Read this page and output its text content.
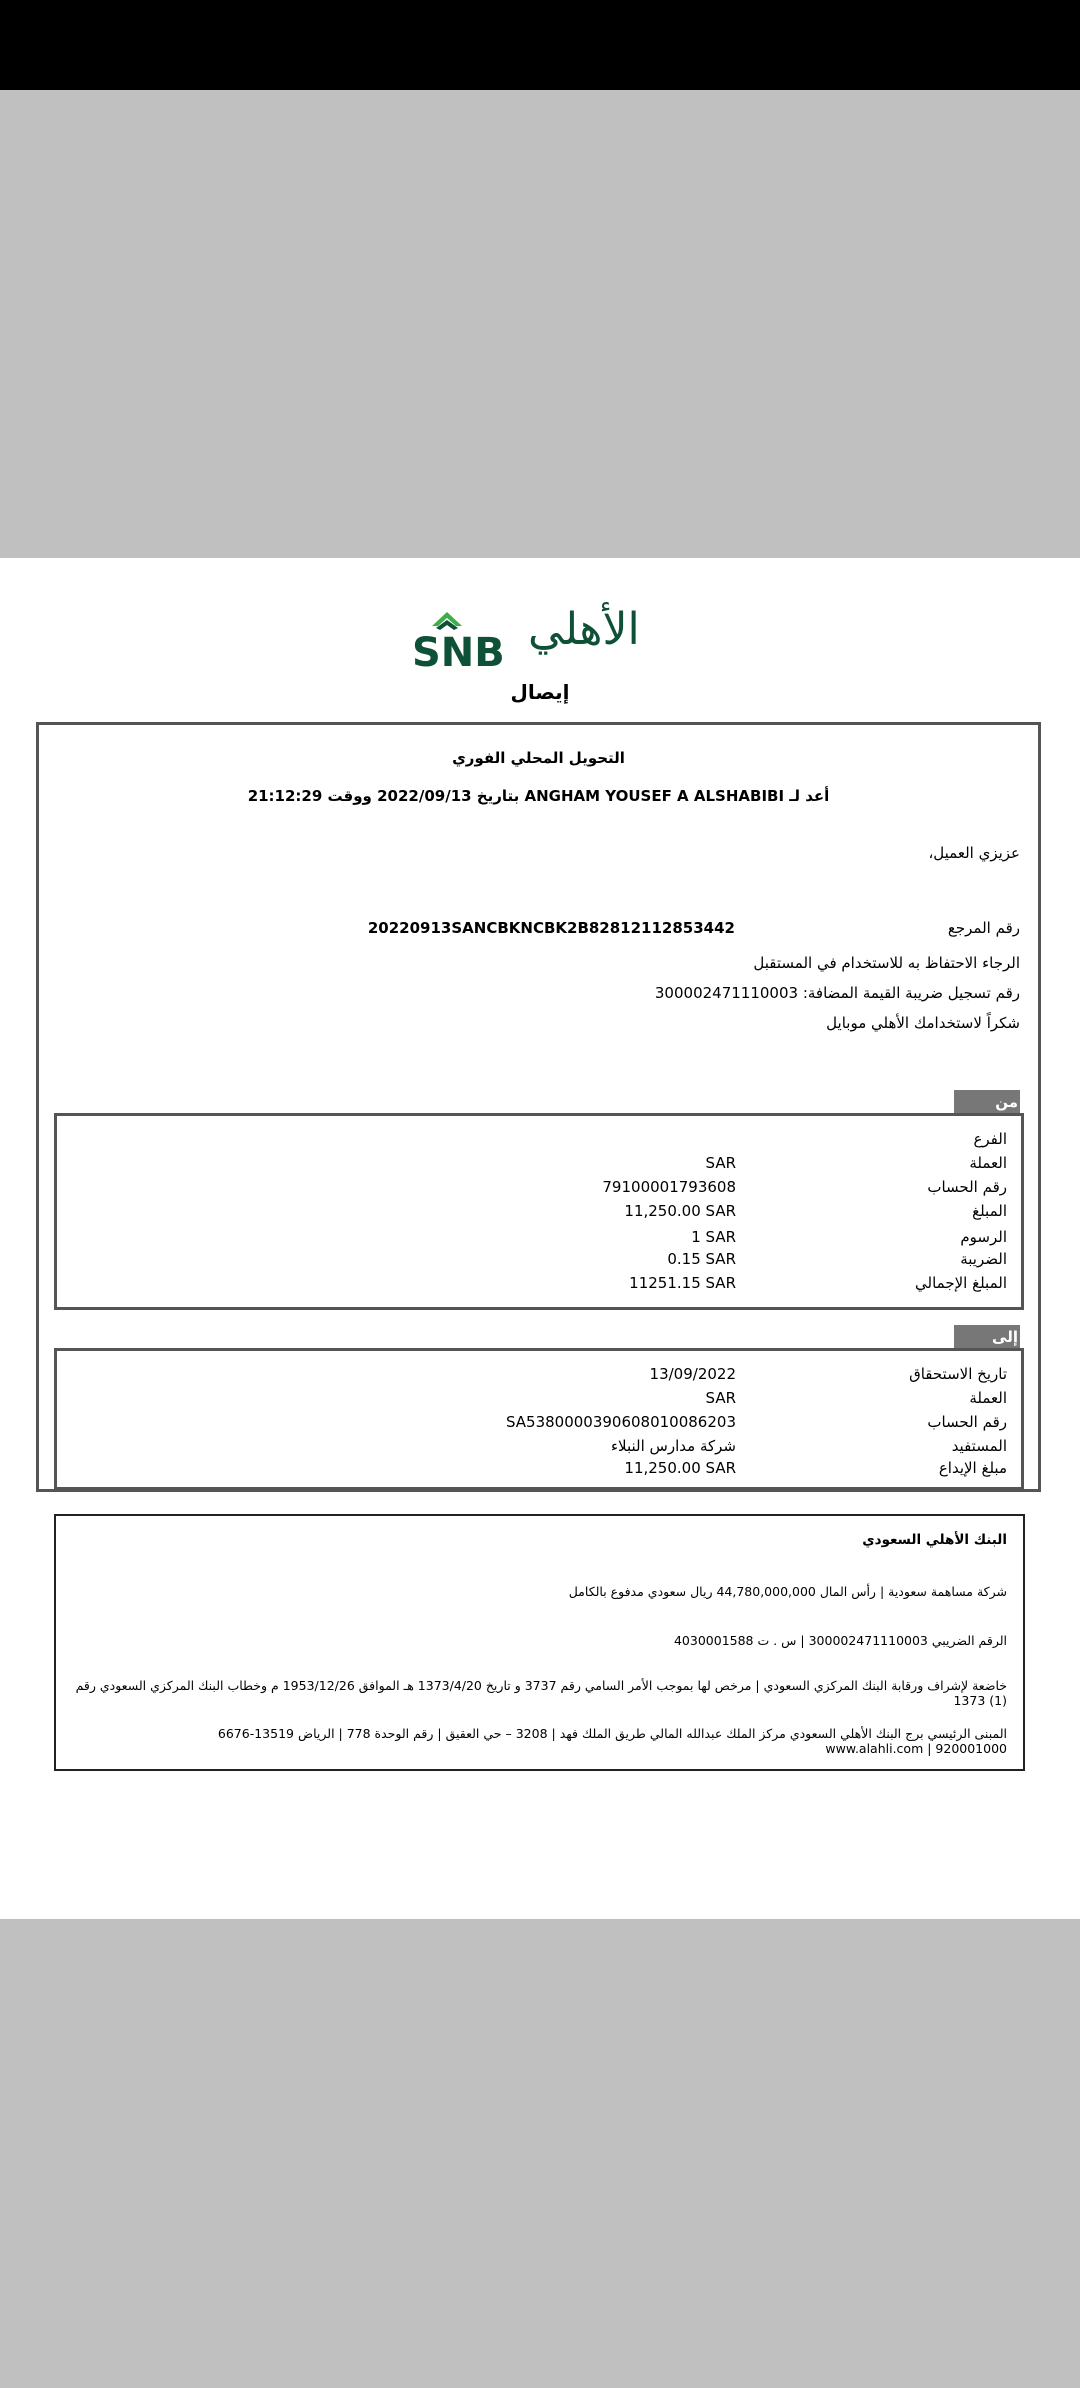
SNB الأهلي
إيصال
التحويل المحلي الفوري
أعد لـ ANGHAM YOUSEF A ALSHABIBI بتاريخ 2022/09/13 ووقت 21:12:29
عزيزي العميل،
رقم المرجع
20220913SANCBKNCBK2B82812112853442
الرجاء الاحتفاظ به للاستخدام في المستقبل
رقم تسجيل ضريبة القيمة المضافة: 300002471110003
شكراً لاستخدامك الأهلي موبايل
من
الفرع
العملة
SAR
رقم الحساب
79100001793608
المبلغ
11,250.00 SAR
الرسوم
1 SAR
الضريبة
0.15 SAR
المبلغ الإجمالي
11251.15 SAR
إلى
تاريخ الاستحقاق
13/09/2022
العملة
SAR
رقم الحساب
SA5380000390608010086203
المستفيد
شركة مدارس النبلاء
مبلغ الإيداع
11,250.00 SAR
البنك الأهلي السعودي
شركة مساهمة سعودية | رأس المال 44,780,000,000 ريال سعودي مدفوع بالكامل
الرقم الضريبي 300002471110003 | س . ت 4030001588
خاضعة لإشراف ورقابة البنك المركزي السعودي | مرخص لها بموجب الأمر السامي رقم 3737 و تاريخ 1373/4/20 هـ الموافق 1953/12/26 م وخطاب البنك المركزي السعودي رقم (1) 1373
المبنى الرئيسي برج البنك الأهلي السعودي مركز الملك عبدالله المالي طريق الملك فهد | 3208 – حي العقيق | رقم الوحدة 778 | الرياض 13519-6676
920001000 | www.alahli.com
